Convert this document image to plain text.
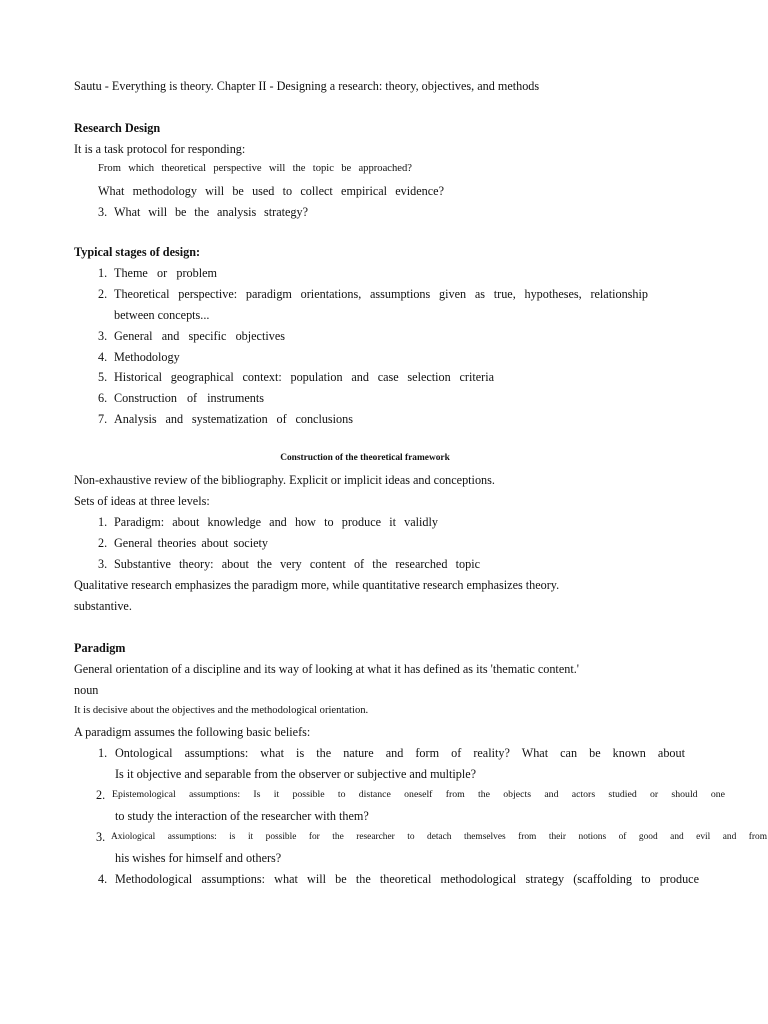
Sautu - Everything is theory. Chapter II - Designing a research: theory, objectives, and methods
Research Design
It is a task protocol for responding:
From which theoretical perspective will the topic be approached?
What methodology will be used to collect empirical evidence?
3. What will be the analysis strategy?
Typical stages of design:
1. Theme or problem
2. Theoretical perspective: paradigm orientations, assumptions given as true, hypotheses, relationship
between concepts...
3. General and specific objectives
4. Methodology
5. Historical geographical context: population and case selection criteria
6. Construction of instruments
7. Analysis and systematization of conclusions
Construction of the theoretical framework
Non-exhaustive review of the bibliography. Explicit or implicit ideas and conceptions.
Sets of ideas at three levels:
1. Paradigm: about knowledge and how to produce it validly
2. General theories about society
3. Substantive theory: about the very content of the researched topic
Qualitative research emphasizes the paradigm more, while quantitative research emphasizes theory.
substantive.
Paradigm
General orientation of a discipline and its way of looking at what it has defined as its 'thematic content.'
noun
It is decisive about the objectives and the methodological orientation.
A paradigm assumes the following basic beliefs:
1. Ontological assumptions: what is the nature and form of reality? What can be known about
Is it objective and separable from the observer or subjective and multiple?
2. Epistemological assumptions: Is it possible to distance oneself from the objects and actors studied or should one
to study the interaction of the researcher with them?
3. Axiological assumptions: is it possible for the researcher to detach themselves from their notions of good and evil and from
his wishes for himself and others?
4. Methodological assumptions: what will be the theoretical methodological strategy (scaffolding to produce
